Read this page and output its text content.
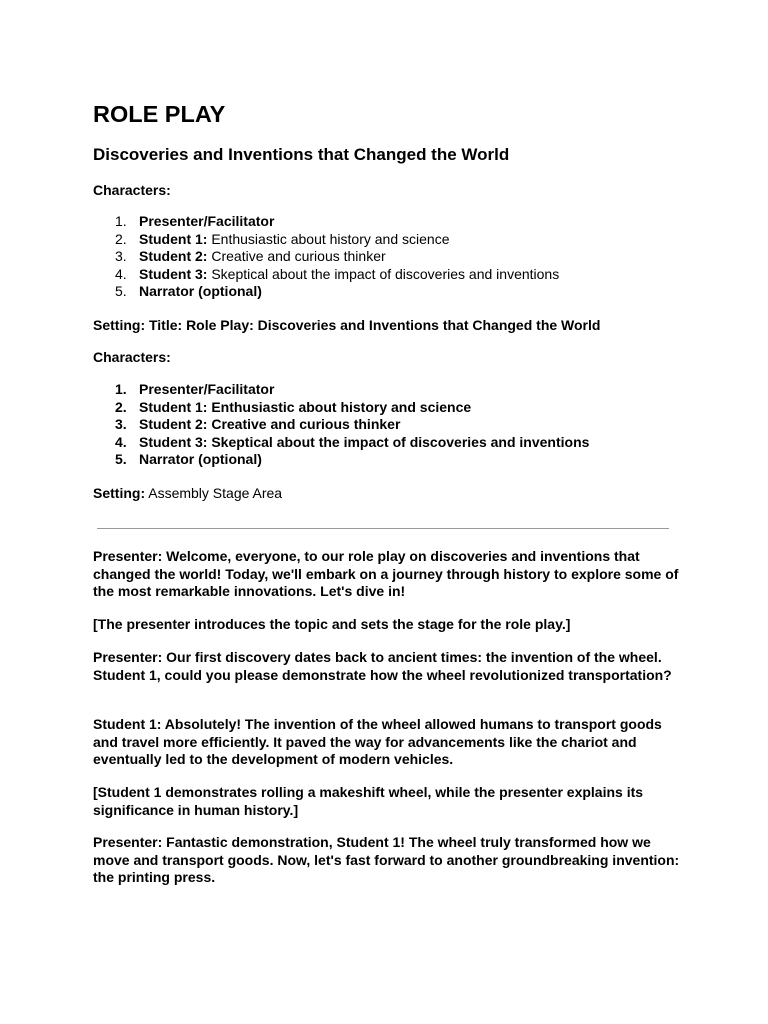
ROLE PLAY
Discoveries and Inventions that Changed the World

Characters:

1. Presenter/Facilitator
2. Student 1: Enthusiastic about history and science
3. Student 2: Creative and curious thinker
4. Student 3: Skeptical about the impact of discoveries and inventions
5. Narrator (optional)

Setting: Title: Role Play: Discoveries and Inventions that Changed the World

Characters:

1. Presenter/Facilitator
2. Student 1: Enthusiastic about history and science
3. Student 2: Creative and curious thinker
4. Student 3: Skeptical about the impact of discoveries and inventions
5. Narrator (optional)

Setting: Assembly Stage Area

Presenter: Welcome, everyone, to our role play on discoveries and inventions that changed the world! Today, we'll embark on a journey through history to explore some of the most remarkable innovations. Let's dive in!

[The presenter introduces the topic and sets the stage for the role play.]

Presenter: Our first discovery dates back to ancient times: the invention of the wheel. Student 1, could you please demonstrate how the wheel revolutionized transportation?

Student 1: Absolutely! The invention of the wheel allowed humans to transport goods and travel more efficiently. It paved the way for advancements like the chariot and eventually led to the development of modern vehicles.

[Student 1 demonstrates rolling a makeshift wheel, while the presenter explains its significance in human history.]

Presenter: Fantastic demonstration, Student 1! The wheel truly transformed how we move and transport goods. Now, let's fast forward to another groundbreaking invention: the printing press.
